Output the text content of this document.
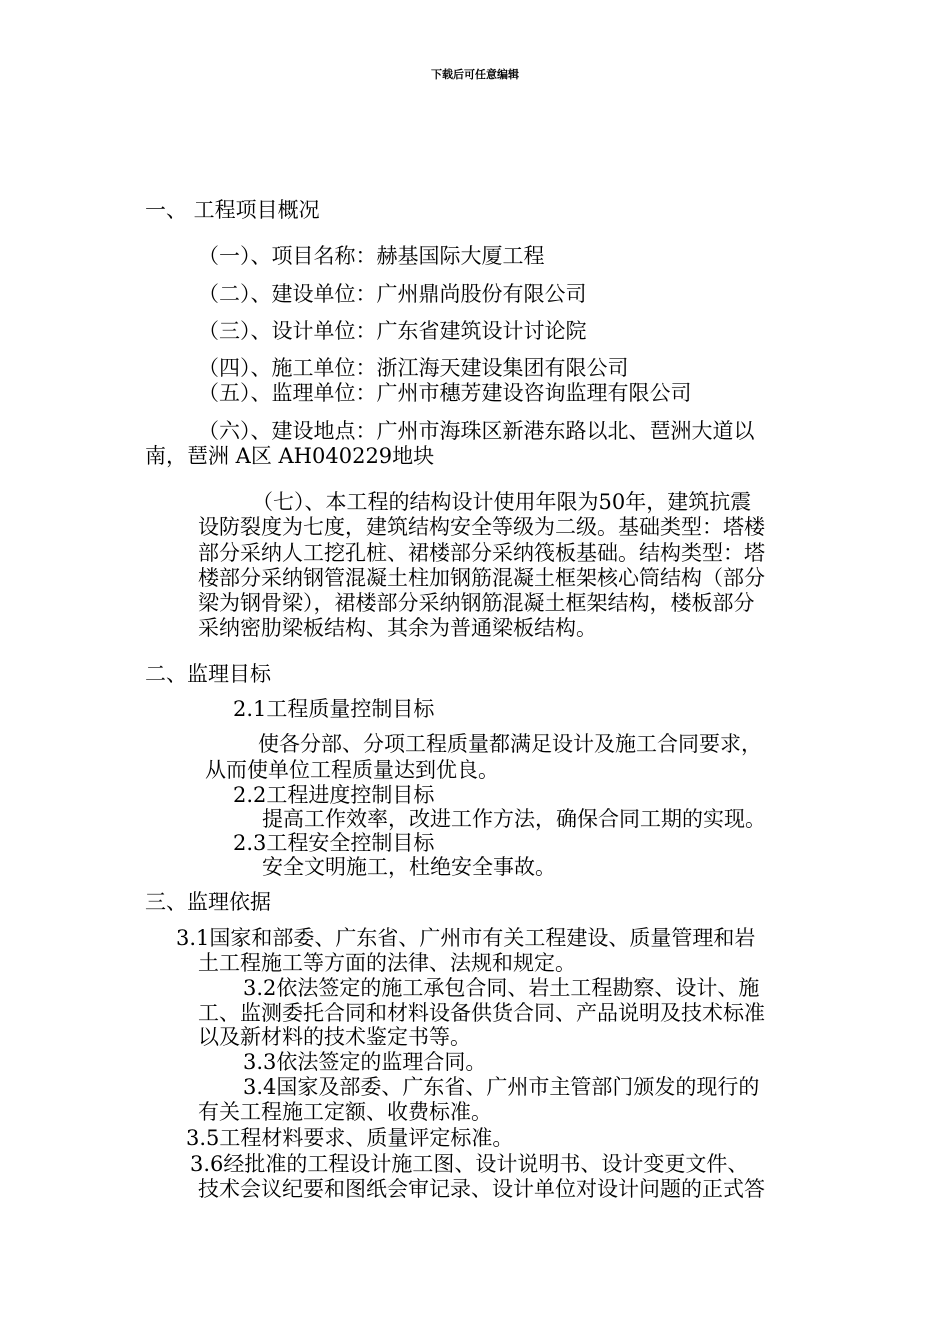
下载后可任意编辑
一、 工程项目概况
（一）、项目名称：赫基国际大厦工程
（二）、建设单位：广州鼎尚股份有限公司
（三）、设计单位：广东省建筑设计讨论院
（四）、施工单位：浙江海天建设集团有限公司
（五）、监理单位：广州市穗芳建设咨询监理有限公司
（六）、建设地点：广州市海珠区新港东路以北、琶洲大道以
南，琶洲 A区 AH040229地块
（七）、本工程的结构设计使用年限为50年，建筑抗震
设防裂度为七度，建筑结构安全等级为二级。基础类型：塔楼
部分采纳人工挖孔桩、裙楼部分采纳筏板基础。结构类型：塔
楼部分采纳钢管混凝土柱加钢筋混凝土框架核心筒结构（部分
梁为钢骨梁），裙楼部分采纳钢筋混凝土框架结构，楼板部分
采纳密肋梁板结构、其余为普通梁板结构。
二、监理目标
2.1工程质量控制目标
使各分部、分项工程质量都满足设计及施工合同要求，
从而使单位工程质量达到优良。
2.2工程进度控制目标
提高工作效率，改进工作方法，确保合同工期的实现。
2.3工程安全控制目标
安全文明施工，杜绝安全事故。
三、监理依据
3.1国家和部委、广东省、广州市有关工程建设、质量管理和岩
土工程施工等方面的法律、法规和规定。
3.2依法签定的施工承包合同、岩土工程勘察、设计、施
工、监测委托合同和材料设备供货合同、产品说明及技术标准
以及新材料的技术鉴定书等。
3.3依法签定的监理合同。
3.4国家及部委、广东省、广州市主管部门颁发的现行的
有关工程施工定额、收费标准。
3.5工程材料要求、质量评定标准。
3.6经批准的工程设计施工图、设计说明书、设计变更文件、
技术会议纪要和图纸会审记录、设计单位对设计问题的正式答
